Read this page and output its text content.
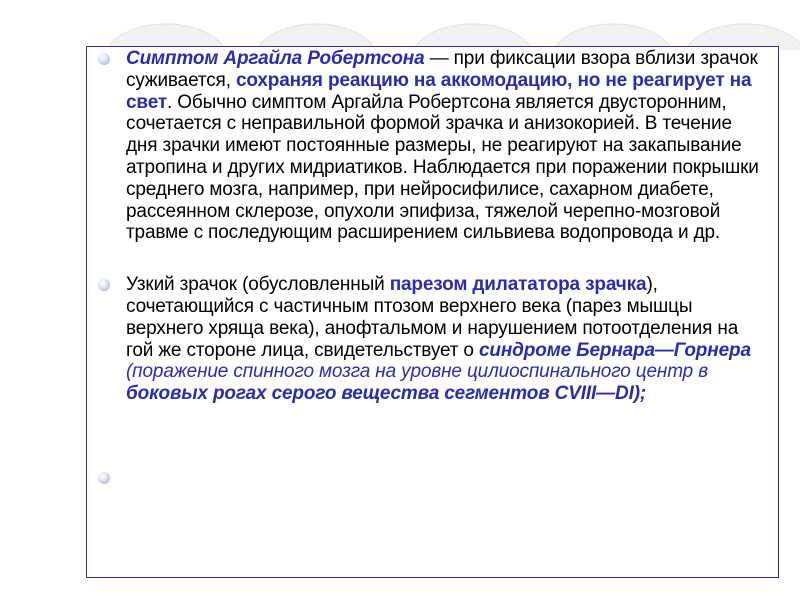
Симптом Аргайла Робертсона — при фиксации взора вблизи зрачок суживается, сохраняя реакцию на аккомодацию, но не реагирует на свет. Обычно симптом Аргайла Робертсона является двусторонним, сочетается с неправильной формой зрачка и анизокорией. В течение дня зрачки имеют постоянные размеры, не реагируют на закапывание атропина и других мидриатиков. Наблюдается при поражении покрышки среднего мозга, например, при нейросифилисе, сахарном диабете, рассеянном склерозе, опухоли эпифиза, тяжелой черепно-мозговой травме с последующим расширением сильвиева водопровода и др.
Узкий зрачок (обусловленный парезом дилататора зрачка), сочетающийся с частичным птозом верхнего века (парез мышцы верхнего хряща века), анофтальмом и нарушением потоотделения на гой же стороне лица, свидетельствует о синдроме Бернара—Горнера (поражение спинного мозга на уровне цилиоспинального центр в боковых рогах серого вещества сегментов СVIII—DI);
